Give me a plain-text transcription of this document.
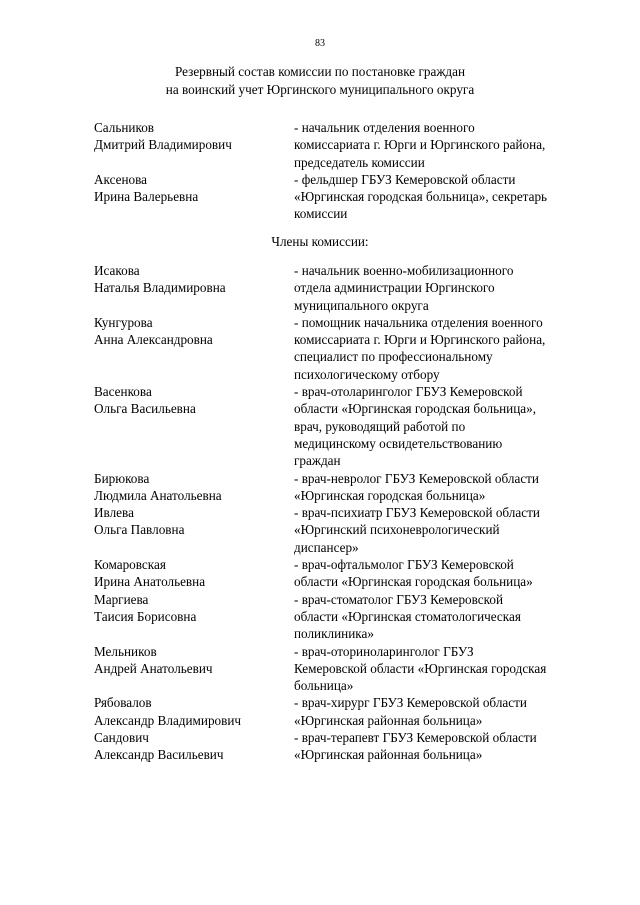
83
Резервный состав комиссии по постановке граждан
на воинский учет Юргинского муниципального округа
Сальников
Дмитрий Владимирович
- начальник отделения военного
комиссариата г. Юрги и Юргинского района,
председатель комиссии
Аксенова
Ирина Валерьевна
- фельдшер ГБУЗ Кемеровской области
«Юргинская городская больница», секретарь
комиссии
Члены комиссии:
Исакова
Наталья Владимировна
- начальник военно-мобилизационного
отдела администрации Юргинского
муниципального округа
Кунгурова
Анна Александровна
- помощник начальника отделения военного
комиссариата г. Юрги и Юргинского района,
специалист по профессиональному
психологическому отбору
Васенкова
Ольга Васильевна
- врач-отоларинголог ГБУЗ Кемеровской
области «Юргинская городская больница»,
врач, руководящий работой по
медицинскому освидетельствованию
граждан
Бирюкова
Людмила Анатольевна
- врач-невролог ГБУЗ Кемеровской области
«Юргинская городская больница»
Ивлева
Ольга Павловна
- врач-психиатр ГБУЗ Кемеровской области
«Юргинский психоневрологический
диспансер»
Комаровская
Ирина Анатольевна
- врач-офтальмолог ГБУЗ Кемеровской
области «Юргинская городская больница»
Маргиева
Таисия Борисовна
- врач-стоматолог ГБУЗ Кемеровской
области «Юргинская стоматологическая
поликлиника»
Мельников
Андрей Анатольевич
- врач-оториноларинголог ГБУЗ
Кемеровской области «Юргинская городская
больница»
Рябовалов
Александр Владимирович
- врач-хирург ГБУЗ Кемеровской области
«Юргинская районная больница»
Сандович
Александр Васильевич
- врач-терапевт ГБУЗ Кемеровской области
«Юргинская районная больница»
